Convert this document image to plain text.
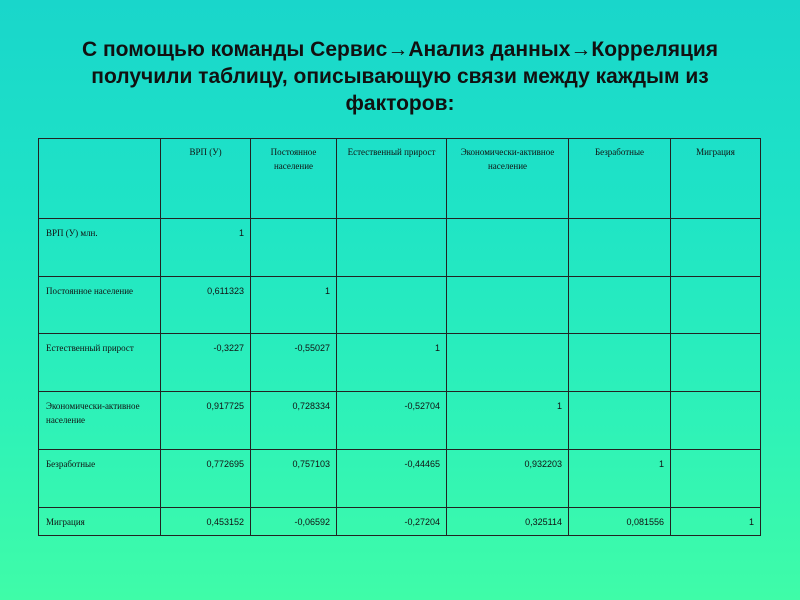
С помощью команды Сервис→Анализ данных→Корреляция получили таблицу, описывающую связи между каждым из факторов:
	ВРП (У)	Постоянное население	Естественный прирост	Экономически-активное население	Безработные	Миграция
ВРП (У) млн.	1					
Постоянное население	0,611323	1				
Естественный прирост	-0,3227	-0,55027	1			
Экономически-активное население	0,917725	0,728334	-0,52704	1		
Безработные	0,772695	0,757103	-0,44465	0,932203	1	
Миграция	0,453152	-0,06592	-0,27204	0,325114	0,081556	1
